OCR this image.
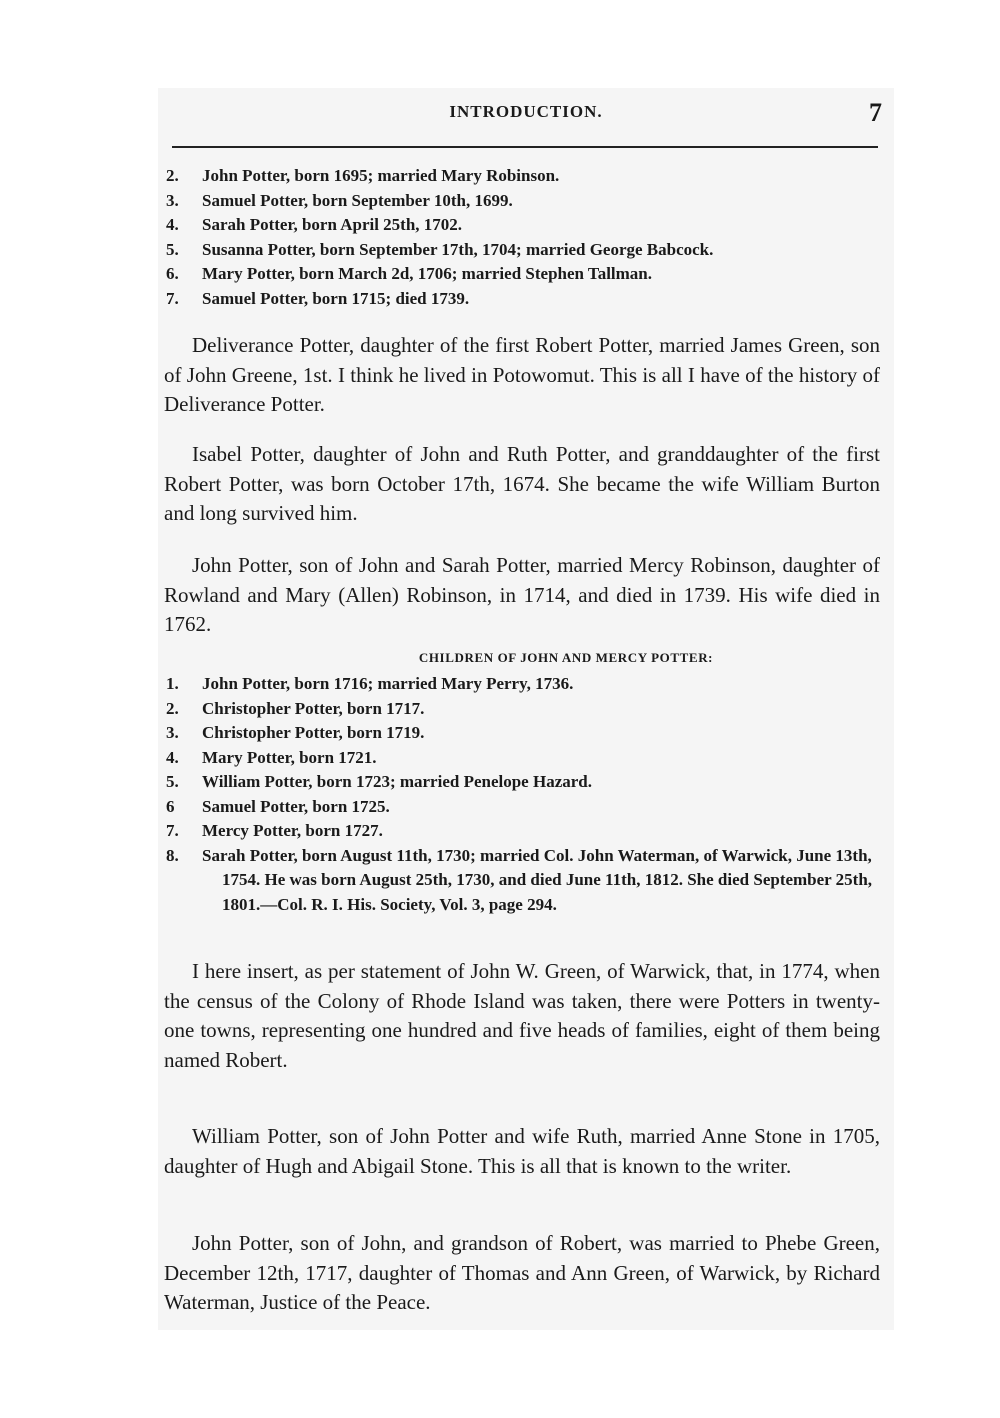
INTRODUCTION.	7
2. John Potter, born 1695; married Mary Robinson.
3. Samuel Potter, born September 10th, 1699.
4. Sarah Potter, born April 25th, 1702.
5. Susanna Potter, born September 17th, 1704; married George Babcock.
6. Mary Potter, born March 2d, 1706; married Stephen Tallman.
7. Samuel Potter, born 1715; died 1739.

Deliverance Potter, daughter of the first Robert Potter, married James Green, son of John Greene, 1st. I think he lived in Potowomut. This is all I have of the history of Deliverance Potter.

Isabel Potter, daughter of John and Ruth Potter, and granddaughter of the first Robert Potter, was born October 17th, 1674. She became the wife William Burton and long survived him.

John Potter, son of John and Sarah Potter, married Mercy Robinson, daughter of Rowland and Mary (Allen) Robinson, in 1714, and died in 1739. His wife died in 1762.

CHILDREN OF JOHN AND MERCY POTTER:
1. John Potter, born 1716; married Mary Perry, 1736.
2. Christopher Potter, born 1717.
3. Christopher Potter, born 1719.
4. Mary Potter, born 1721.
5. William Potter, born 1723; married Penelope Hazard.
6 Samuel Potter, born 1725.
7. Mercy Potter, born 1727.
8. Sarah Potter, born August 11th, 1730; married Col. John Waterman, of Warwick, June 13th, 1754. He was born August 25th, 1730, and died June 11th, 1812. She died September 25th, 1801.—Col. R. I. His. Society, Vol. 3, page 294.

I here insert, as per statement of John W. Green, of Warwick, that, in 1774, when the census of the Colony of Rhode Island was taken, there were Potters in twenty-one towns, representing one hundred and five heads of families, eight of them being named Robert.

William Potter, son of John Potter and wife Ruth, married Anne Stone in 1705, daughter of Hugh and Abigail Stone. This is all that is known to the writer.

John Potter, son of John, and grandson of Robert, was married to Phebe Green, December 12th, 1717, daughter of Thomas and Ann Green, of Warwick, by Richard Waterman, Justice of the Peace.
